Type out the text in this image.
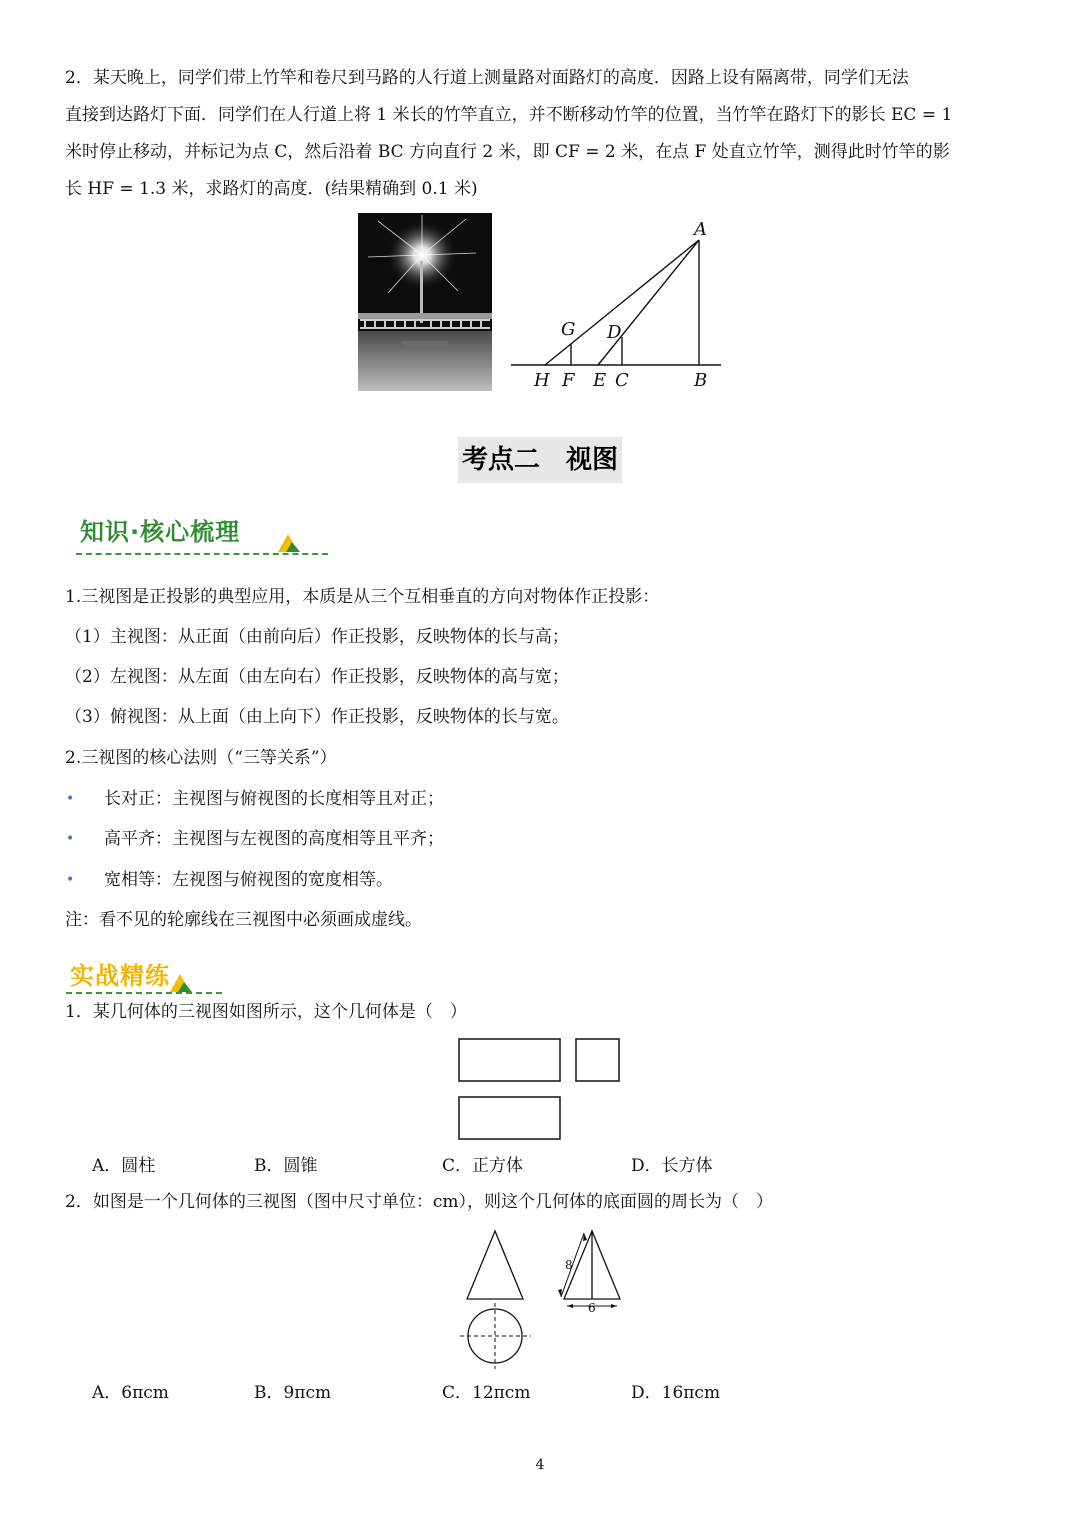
2．某天晚上，同学们带上竹竿和卷尺到马路的人行道上测量路对面路灯的高度．因路上设有隔离带，同学们无法
直接到达路灯下面．同学们在人行道上将 1 米长的竹竿直立，并不断移动竹竿的位置，当竹竿在路灯下的影长 EC = 1
米时停止移动，并标记为点 C，然后沿着 BC 方向直行 2 米，即 CF = 2 米，在点 F 处直立竹竿，测得此时竹竿的影
长 HF = 1.3 米，求路灯的高度．(结果精确到 0.1 米)
A
B
C
D
E
F
G
H
考点二　视图
知识·核心梳理
1.三视图是正投影的典型应用，本质是从三个互相垂直的方向对物体作正投影：
（1）主视图：从正面（由前向后）作正投影，反映物体的长与高；
（2）左视图：从左面（由左向右）作正投影，反映物体的高与宽；
（3）俯视图：从上面（由上向下）作正投影，反映物体的长与宽。
2.三视图的核心法则（“三等关系”）
• 长对正：主视图与俯视图的长度相等且对正；
• 高平齐：主视图与左视图的高度相等且平齐；
• 宽相等：左视图与俯视图的宽度相等。
注：看不见的轮廓线在三视图中必须画成虚线。
实战精练
1．某几何体的三视图如图所示，这个几何体是（　）
A．圆柱	B．圆锥	C．正方体	D．长方体
2．如图是一个几何体的三视图（图中尺寸单位：cm），则这个几何体的底面圆的周长为（　）
8
6
A．6πcm	B．9πcm	C．12πcm	D．16πcm
4
